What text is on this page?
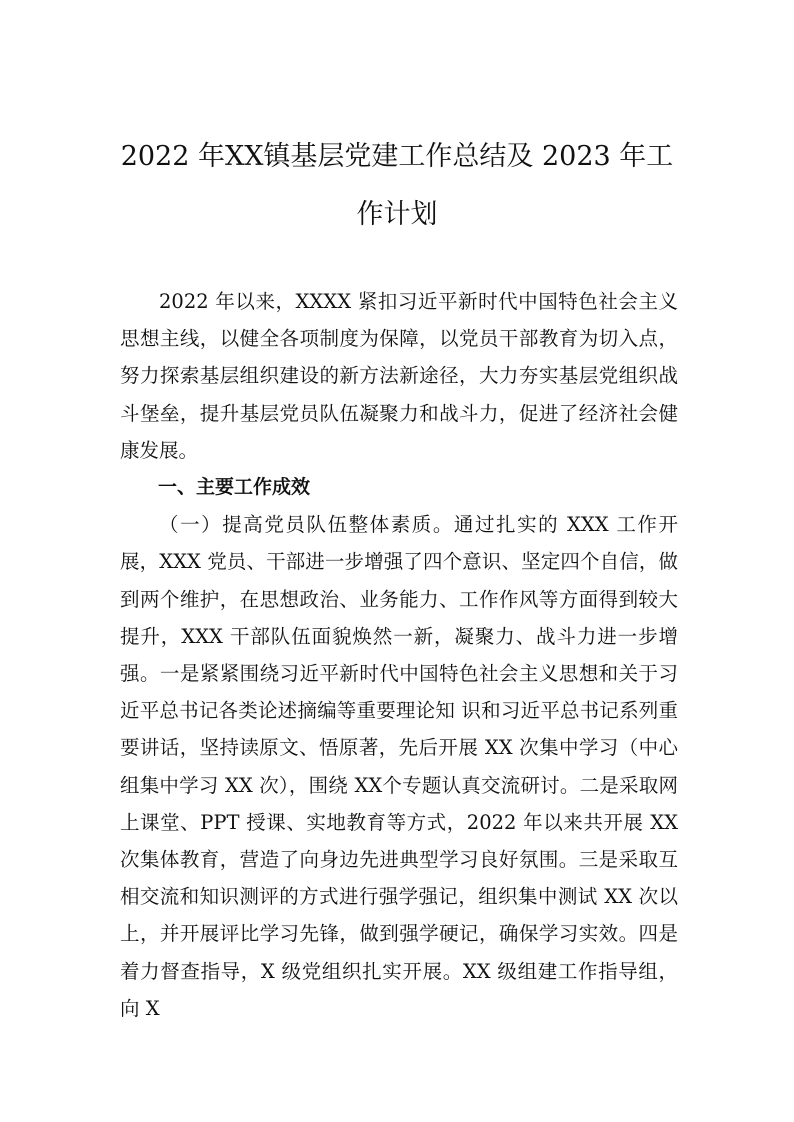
2022 年XX镇基层党建工作总结及 2023 年工
作计划

2022 年以来，XXXX 紧扣习近平新时代中国特色社会主义思想主线，以健全各项制度为保障，以党员干部教育为切入点，努力探索基层组织建设的新方法新途径，大力夯实基层党组织战斗堡垒，提升基层党员队伍凝聚力和战斗力，促进了经济社会健康发展。

一、主要工作成效

（一）提高党员队伍整体素质。通过扎实的 XXX 工作开展，XXX 党员、干部进一步增强了四个意识、坚定四个自信，做到两个维护，在思想政治、业务能力、工作作风等方面得到较大提升，XXX 干部队伍面貌焕然一新，凝聚力、战斗力进一步增强。一是紧紧围绕习近平新时代中国特色社会主义思想和关于习近平总书记各类论述摘编等重要理论知 识和习近平总书记系列重要讲话，坚持读原文、悟原著，先后开展 XX 次集中学习（中心组集中学习 XX 次），围绕 XX个专题认真交流研讨。二是采取网上课堂、PPT 授课、实地教育等方式，2022 年以来共开展 XX 次集体教育，营造了向身边先进典型学习良好氛围。三是采取互相交流和知识测评的方式进行强学强记，组织集中测试 XX 次以上，并开展评比学习先锋，做到强学硬记，确保学习实效。四是着力督查指导，X 级党组织扎实开展。XX 级组建工作指导组，向 X
